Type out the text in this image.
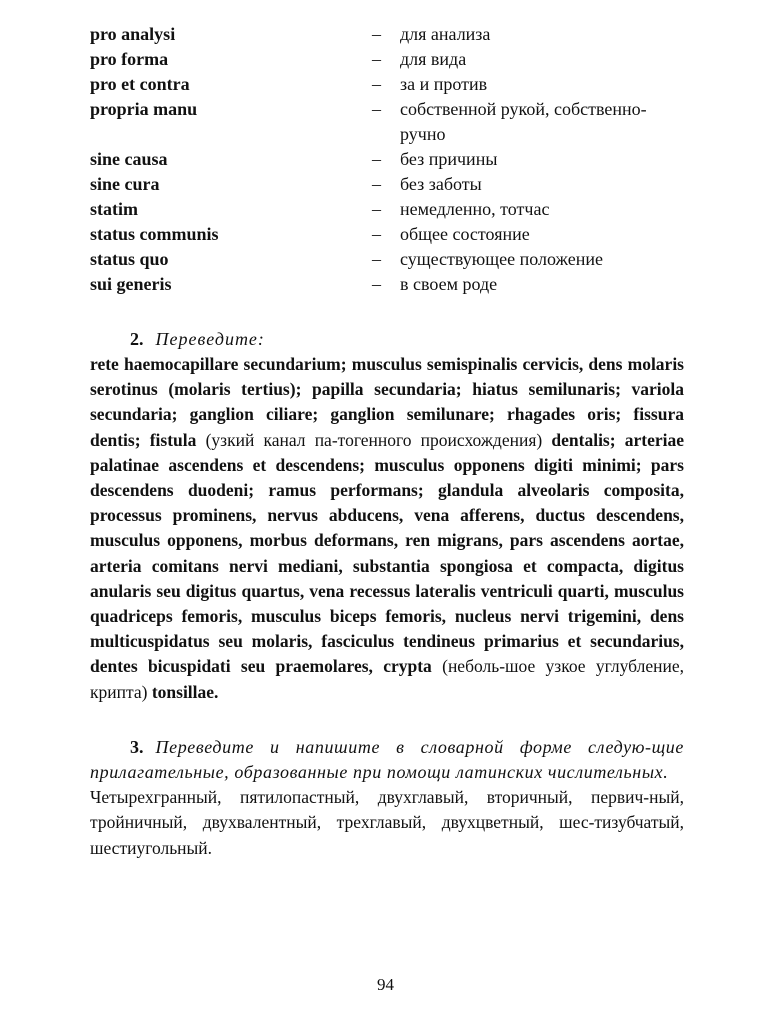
pro analysi	–	для анализа
pro forma	–	для вида
pro et contra	–	за и против
propria manu	–	собственной рукой, собственно-ручно
sine causa	–	без причины
sine cura	–	без заботы
statim	–	немедленно, тотчас
status communis	–	общее состояние
status quo	–	существующее положение
sui generis	–	в своем роде
2. Переведите:
rete haemocapillare secundarium; musculus semispinalis cervicis, dens molaris serotinus (molaris tertius); papilla secundaria; hiatus semilunaris; variola secundaria; ganglion ciliare; ganglion semilunare; rhagades oris; fissura dentis; fistula (узкий канал па-тогенного происхождения) dentalis; arteriae palatinae ascendens et descendens; musculus opponens digiti minimi; pars descendens duodeni; ramus performans; glandula alveolaris composita, processus prominens, nervus abducens, vena afferens, ductus descendens, musculus opponens, morbus deformans, ren migrans, pars ascendens aortae, arteria comitans nervi mediani, substantia spongiosa et compacta, digitus anularis seu digitus quartus, vena recessus lateralis ventriculi quarti, musculus quadriceps femoris, musculus biceps femoris, nucleus nervi trigemini, dens multicuspidatus seu molaris, fasciculus tendineus primarius et secundarius, dentes bicuspidati seu praemolares, crypta (неболь-шое узкое углубление, крипта) tonsillae.
3. Переведите и напишите в словарной форме следую-щие прилагательные, образованные при помощи латинских числительных.
Четырехгранный, пятилопастный, двухглавый, вторичный, первич-ный, тройничный, двухвалентный, трехглавый, двухцветный, шес-тизубчатый, шестиугольный.
94
